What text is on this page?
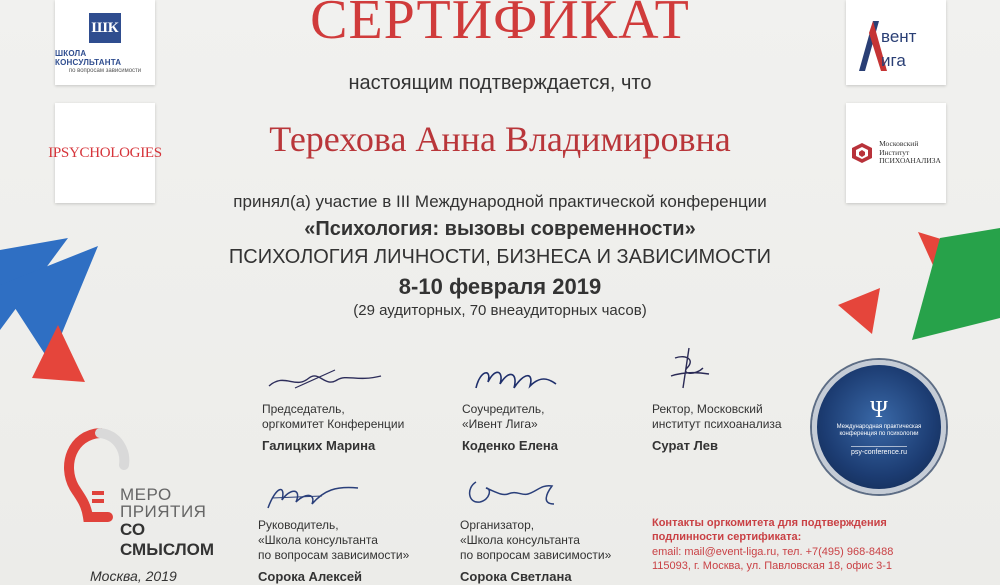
ШК
ШКОЛА КОНСУЛЬТАНТА
по вопросам зависимости
IPSYCHOLOGIES
вент
ига
Московский
Институт
ПСИХОАНАЛИЗА
СЕРТИФИКАТ
настоящим подтверждается, что
Терехова Анна Владимировна
принял(а) участие в III Международной практической конференции
«Психология: вызовы современности»
ПСИХОЛОГИЯ ЛИЧНОСТИ, БИЗНЕСА И ЗАВИСИМОСТИ
8-10 февраля 2019
(29 аудиторных, 70 внеаудиторных часов)
Председатель,
оргкомитет Конференции
Галицких Марина
Соучредитель,
«Ивент Лига»
Коденко Елена
Ректор, Московский
институт психоанализа
Сурат Лев
Руководитель,
«Школа консультанта
по вопросам зависимости»
Сорока Алексей
Организатор,
«Школа консультанта
по вопросам зависимости»
Сорока Светлана
Ψ
Международная практическая конференция по психологии
psy-conference.ru
МЕРО
ПРИЯТИЯ
СО СМЫСЛОМ
Москва, 2019
Контакты оргкомитета для подтверждения
подлинности сертификата:
email: mail@event-liga.ru, тел. +7(495) 968-8488
115093, г. Москва, ул. Павловская 18, офис 3-1
